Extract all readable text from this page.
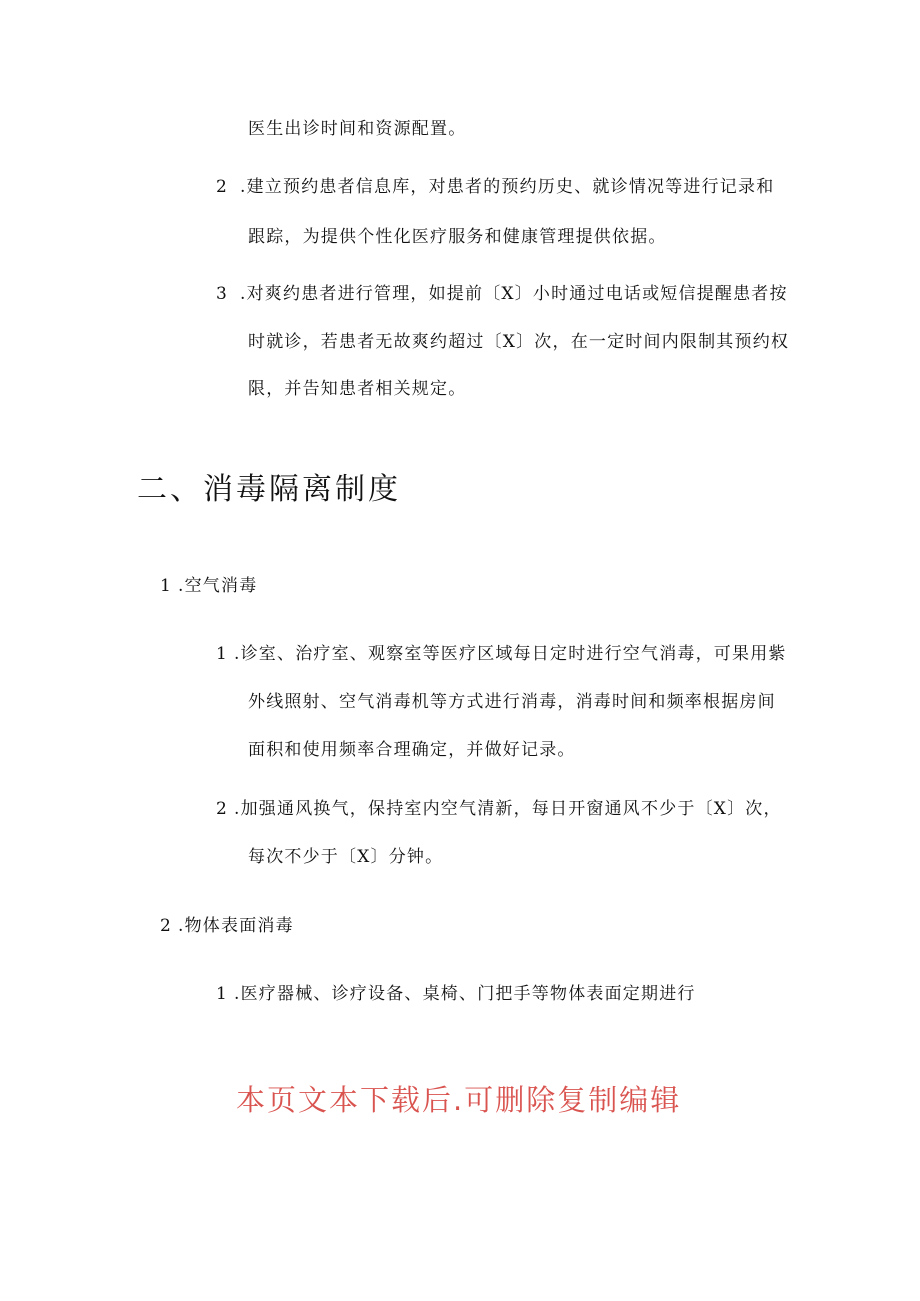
医生出诊时间和资源配置。
2 .建立预约患者信息库，对患者的预约历史、就诊情况等进行记录和
跟踪，为提供个性化医疗服务和健康管理提供依据。
3 .对爽约患者进行管理，如提前〔X〕小时通过电话或短信提醒患者按
时就诊，若患者无故爽约超过〔X〕次，在一定时间内限制其预约权
限，并告知患者相关规定。
二、消毒隔离制度
1 .空气消毒
1 .诊室、治疗室、观察室等医疗区域每日定时进行空气消毒，可果用紫
外线照射、空气消毒机等方式进行消毒，消毒时间和频率根据房间
面积和使用频率合理确定，并做好记录。
2 .加强通风换气，保持室内空气清新，每日开窗通风不少于〔X〕次，
每次不少于〔X〕分钟。
2 .物体表面消毒
1 .医疗器械、诊疗设备、桌椅、门把手等物体表面定期进行
本页文本下载后.可删除复制编辑
